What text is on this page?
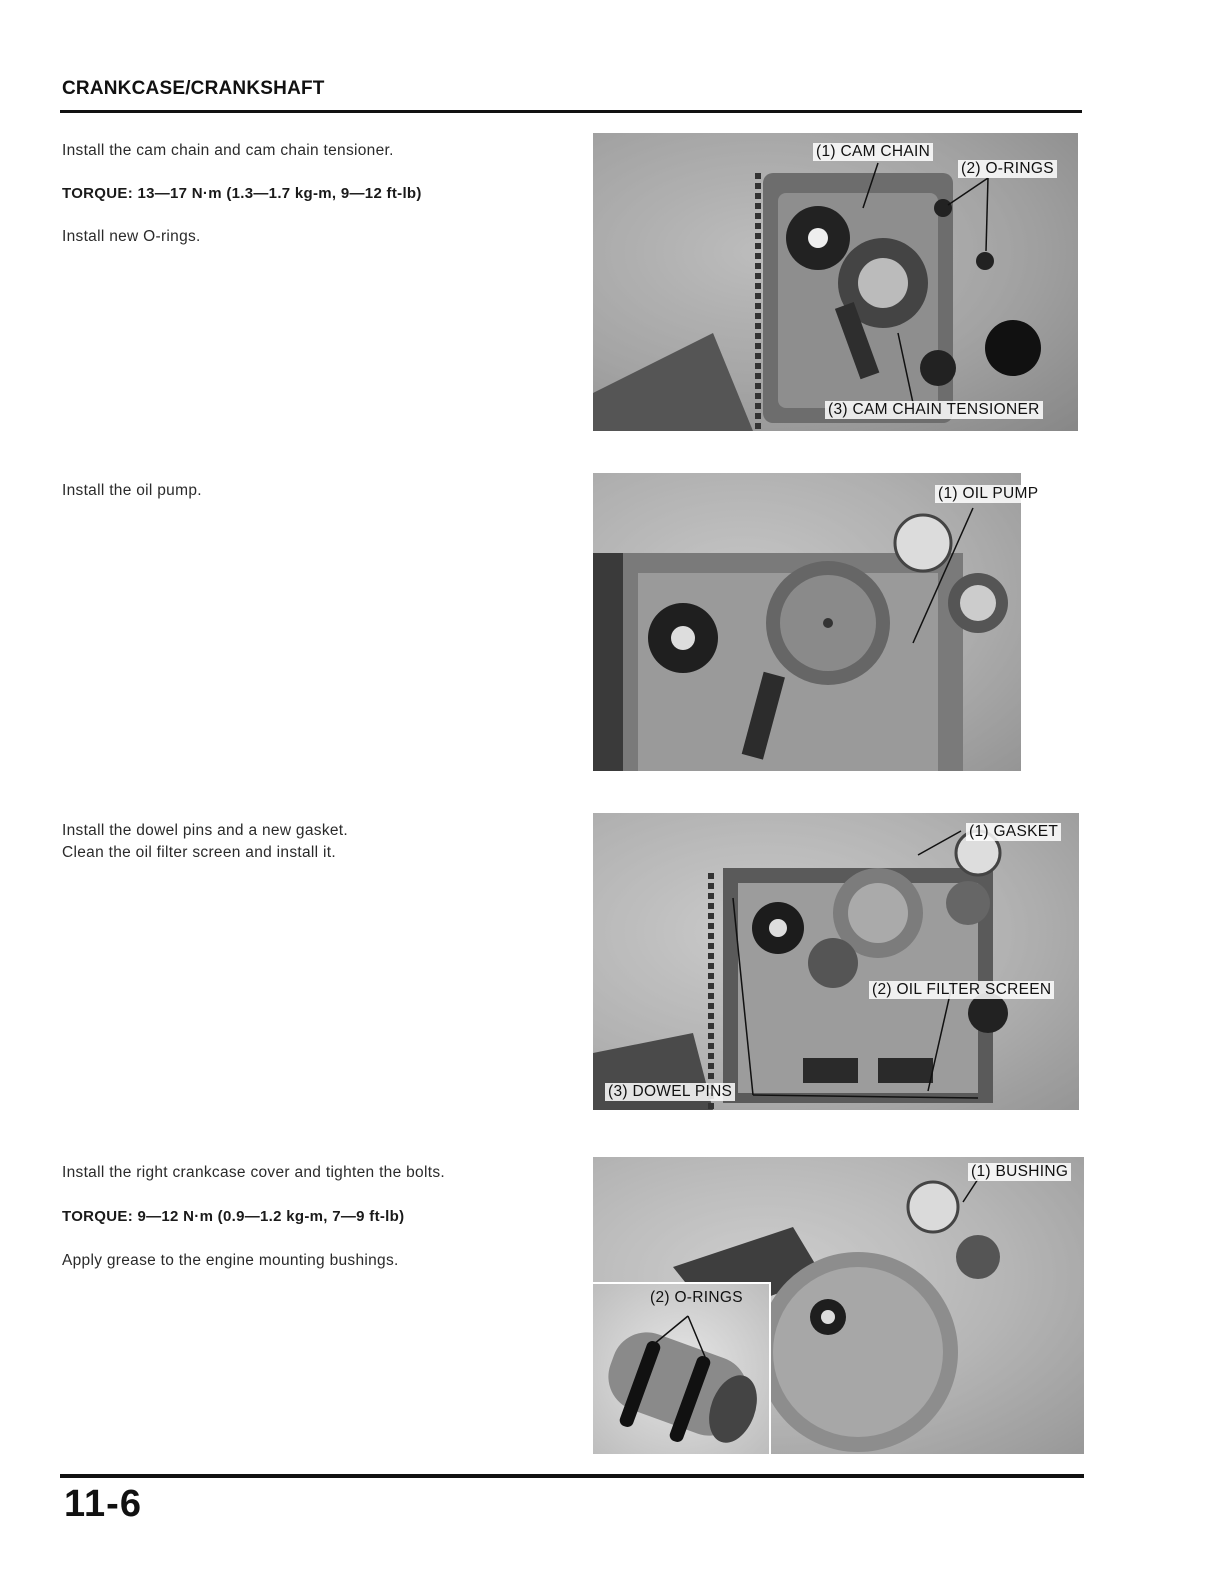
CRANKCASE/CRANKSHAFT
Install the cam chain and cam chain tensioner.
TORQUE: 13—17 N·m (1.3—1.7 kg-m, 9—12 ft-lb)
Install new O-rings.
(1) CAM CHAIN
(2) O-RINGS
(3) CAM CHAIN TENSIONER
Install the oil pump.	(1) OIL PUMP
Install the dowel pins and a new gasket.
Clean the oil filter screen and install it.
(1) GASKET
(2) OIL FILTER SCREEN
(3) DOWEL PINS
Install the right crankcase cover and tighten the bolts.
TORQUE: 9—12 N·m (0.9—1.2 kg-m, 7—9 ft-lb)
Apply grease to the engine mounting bushings.
(2) O-RINGS
(1) BUSHING
11-6
